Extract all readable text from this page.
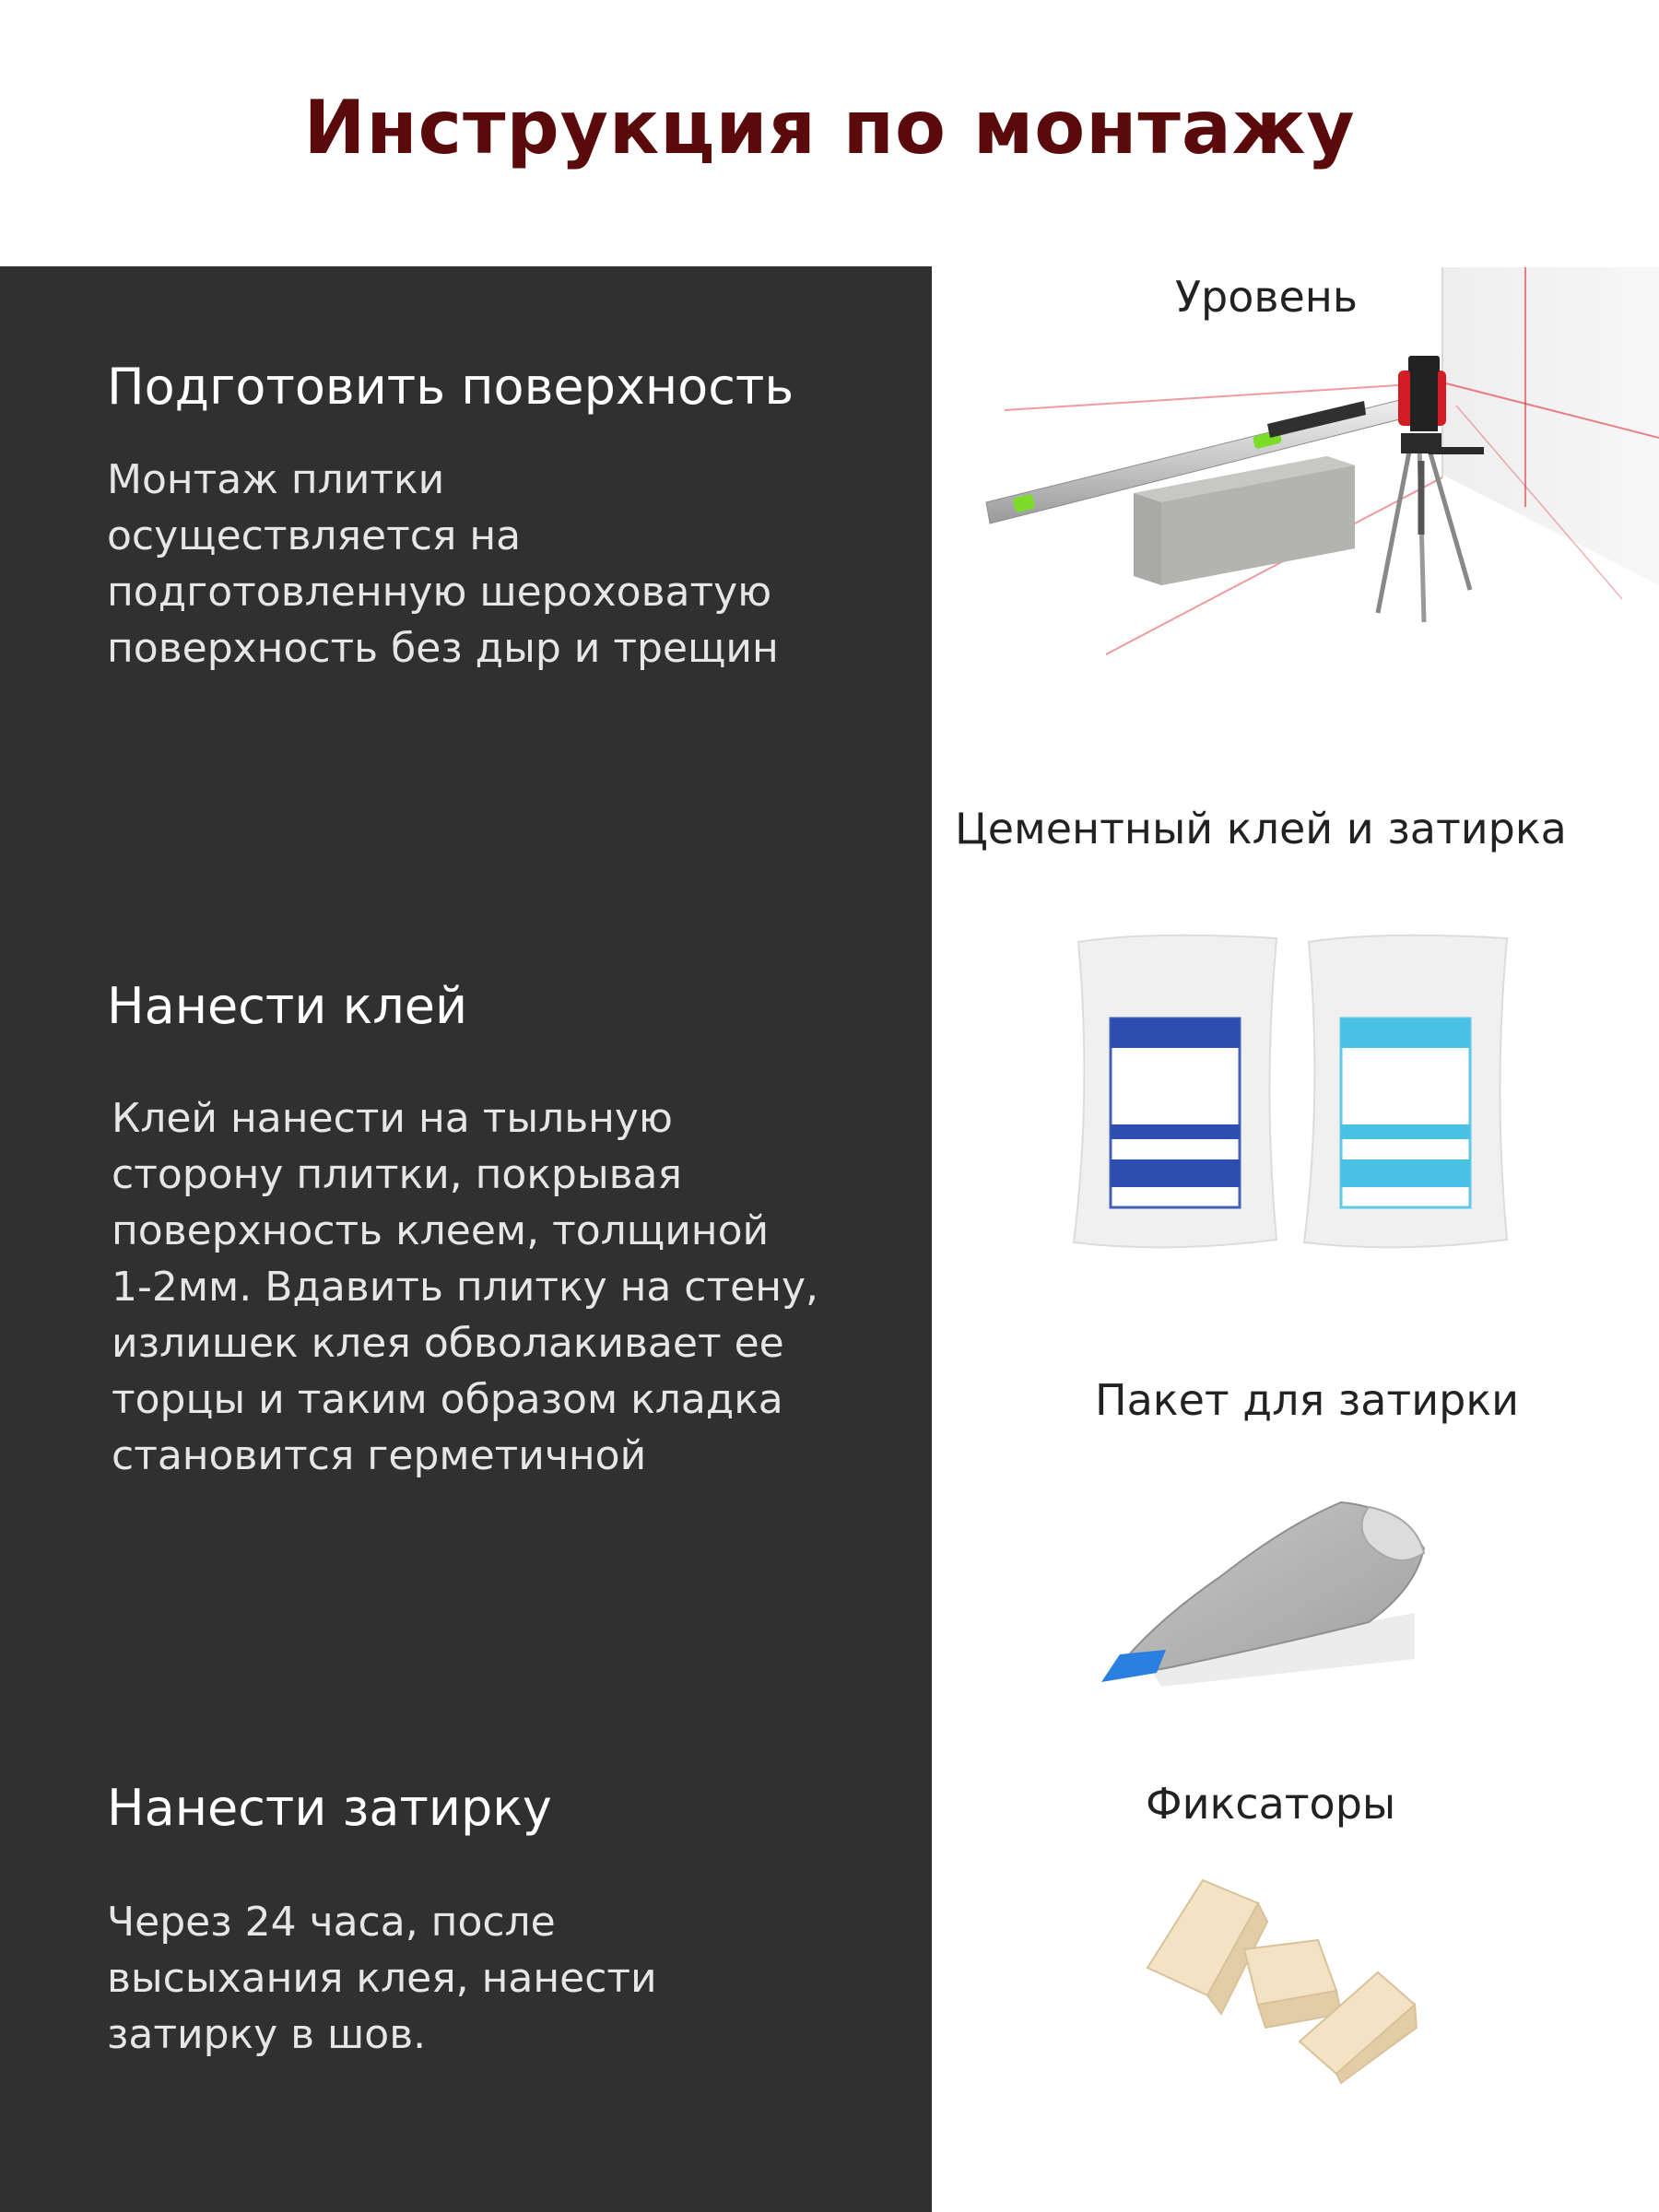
Инструкция по монтажу
Подготовить поверхность
Монтаж плитки
осуществляется на
подготовленную шероховатую
поверхность без дыр и трещин
Нанести клей
Клей нанести на тыльную
сторону плитки, покрывая
поверхность клеем, толщиной
1-2мм. Вдавить плитку на стену,
излишек клея обволакивает ее
торцы и таким образом кладка
становится герметичной
Нанести затирку
Через 24 часа, после
высыхания клея, нанести
затирку в шов.
Уровень
Цементный клей и затирка
Пакет для затирки
Фиксаторы
